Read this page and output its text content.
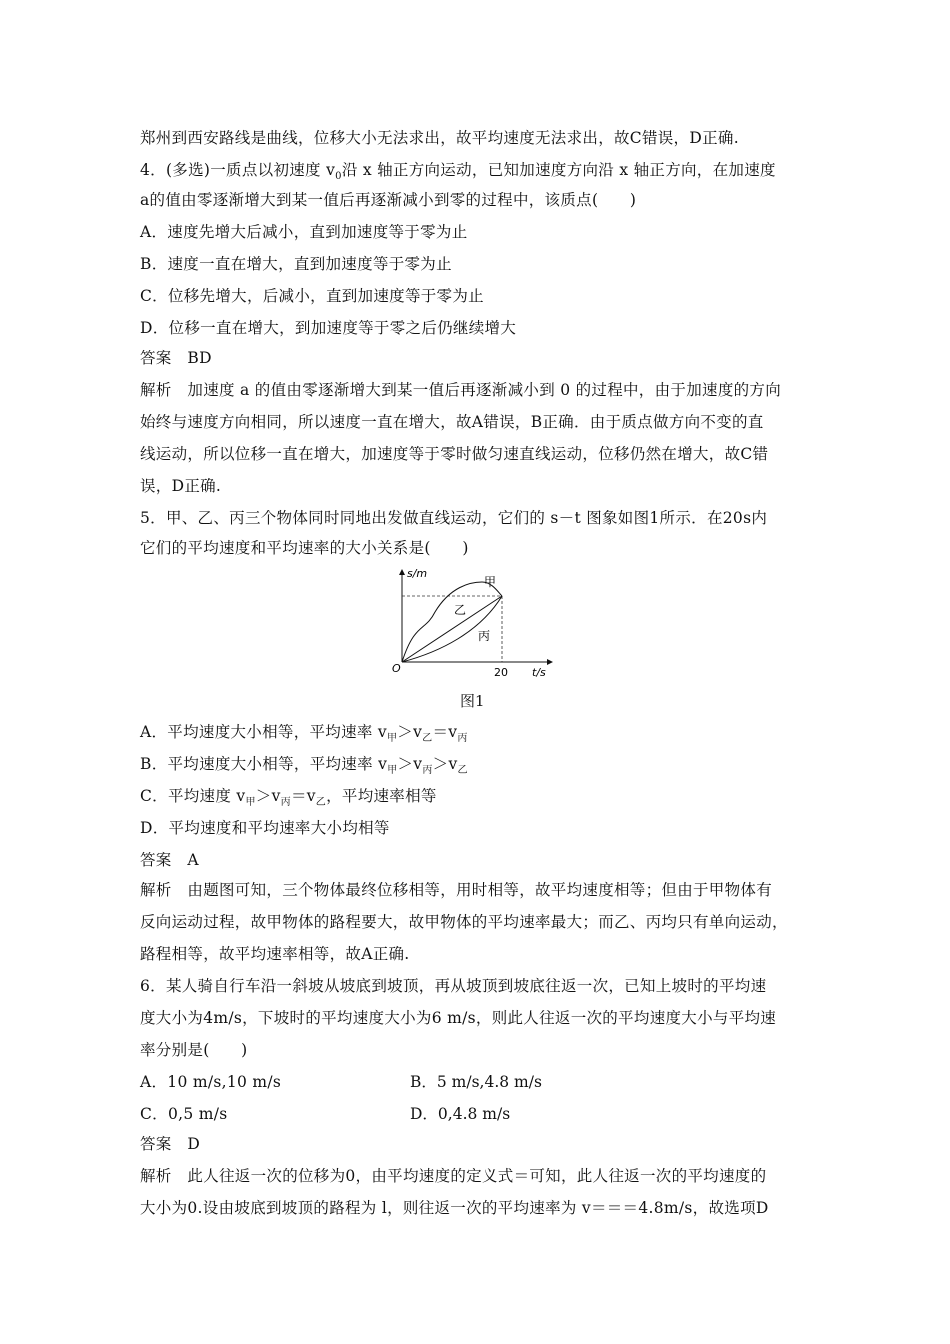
郑州到西安路线是曲线，位移大小无法求出，故平均速度无法求出，故C错误，D正确.
4．(多选)一质点以初速度 $v_0$沿 x 轴正方向运动，已知加速度方向沿 x 轴正方向，在加速度
a的值由零逐渐增大到某一值后再逐渐减小到零的过程中，该质点(　　)
A．速度先增大后减小，直到加速度等于零为止
B．速度一直在增大，直到加速度等于零为止
C．位移先增大，后减小，直到加速度等于零为止
D．位移一直在增大，到加速度等于零之后仍继续增大
答案　BD
解析　加速度 a 的值由零逐渐增大到某一值后再逐渐减小到 0 的过程中，由于加速度的方向
始终与速度方向相同，所以速度一直在增大，故A错误，B正确．由于质点做方向不变的直
线运动，所以位移一直在增大，加速度等于零时做匀速直线运动，位移仍然在增大，故C错
误，D正确.
5．甲、乙、丙三个物体同时同地出发做直线运动，它们的 s－t 图象如图1所示．在20s内
它们的平均速度和平均速率的大小关系是(　　)
s/m
t/s
O	20
甲
乙
丙
图1
A．平均速度大小相等，平均速率 $v_甲>v_乙=v_丙$
B．平均速度大小相等，平均速率 $v_甲>v_丙>v_乙$
C．平均速度 $v_甲>v_丙=v_乙$，平均速率相等
D．平均速度和平均速率大小均相等
答案　A
解析　由题图可知，三个物体最终位移相等，用时相等，故平均速度相等；但由于甲物体有
反向运动过程，故甲物体的路程要大，故甲物体的平均速率最大；而乙、丙均只有单向运动，
路程相等，故平均速率相等，故A正确.
6．某人骑自行车沿一斜坡从坡底到坡顶，再从坡顶到坡底往返一次，已知上坡时的平均速
度大小为4m/s，下坡时的平均速度大小为6 m/s，则此人往返一次的平均速度大小与平均速
率分别是(　　)
A．10 m/s,10 m/s	B．5 m/s,4.8 m/s
C．0,5 m/s	D．0,4.8 m/s
答案　D
解析　此人往返一次的位移为0，由平均速度的定义式＝可知，此人往返一次的平均速度的
大小为0.设由坡底到坡顶的路程为 l，则往返一次的平均速率为 v＝＝＝4.8m/s，故选项D
